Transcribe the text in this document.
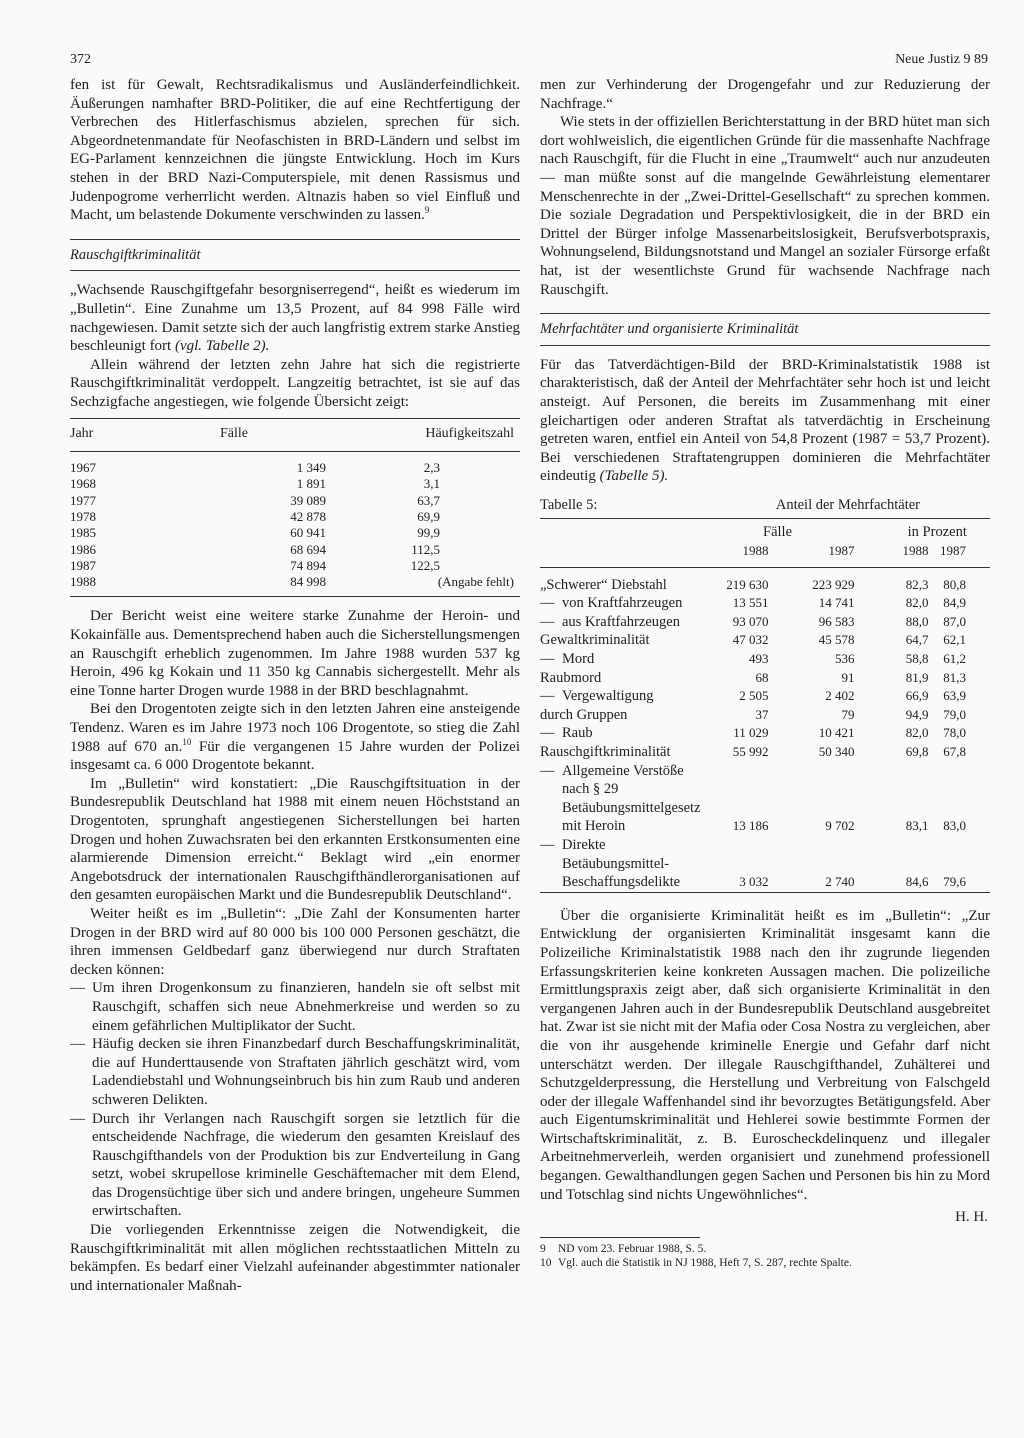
372	Neue Justiz 9 89

fen ist für Gewalt, Rechtsradikalismus und Ausländerfeindlichkeit. Äußerungen namhafter BRD-Politiker, die auf eine Rechtfertigung der Verbrechen des Hitlerfaschismus abzielen, sprechen für sich. Abgeordnetenmandate für Neofaschisten in BRD-Ländern und selbst im EG-Parlament kennzeichnen die jüngste Entwicklung. Hoch im Kurs stehen in der BRD Nazi-Computerspiele, mit denen Rassismus und Judenpogrome verherrlicht werden. Altnazis haben so viel Einfluß und Macht, um belastende Dokumente verschwinden zu lassen.$^9$

Rauschgiftkriminalität

„Wachsende Rauschgiftgefahr besorgniserregend“, heißt es wiederum im „Bulletin“. Eine Zunahme um 13,5 Prozent, auf 84 998 Fälle wird nachgewiesen. Damit setzte sich der auch langfristig extrem starke Anstieg beschleunigt fort (vgl. Tabelle 2).

Allein während der letzten zehn Jahre hat sich die registrierte Rauschgiftkriminalität verdoppelt. Langzeitig betrachtet, ist sie auf das Sechzigfache angestiegen, wie folgende Übersicht zeigt:

Jahr	Fälle	Häufigkeitszahl
1967	1 349	2,3
1968	1 891	3,1
1977	39 089	63,7
1978	42 878	69,9
1985	60 941	99,9
1986	68 694	112,5
1987	74 894	122,5
1988	84 998	(Angabe fehlt)

Der Bericht weist eine weitere starke Zunahme der Heroin- und Kokainfälle aus. Dementsprechend haben auch die Sicherstellungsmengen an Rauschgift erheblich zugenommen. Im Jahre 1988 wurden 537 kg Heroin, 496 kg Kokain und 11 350 kg Cannabis sichergestellt. Mehr als eine Tonne harter Drogen wurde 1988 in der BRD beschlagnahmt.

Bei den Drogentoten zeigte sich in den letzten Jahren eine ansteigende Tendenz. Waren es im Jahre 1973 noch 106 Drogentote, so stieg die Zahl 1988 auf 670 an.$^{10}$ Für die vergangenen 15 Jahre wurden der Polizei insgesamt ca. 6 000 Drogentote bekannt.

Im „Bulletin“ wird konstatiert: „Die Rauschgiftsituation in der Bundesrepublik Deutschland hat 1988 mit einem neuen Höchststand an Drogentoten, sprunghaft angestiegenen Sicherstellungen bei harten Drogen und hohen Zuwachsraten bei den erkannten Erstkonsumenten eine alarmierende Dimension erreicht.“ Beklagt wird „ein enormer Angebotsdruck der internationalen Rauschgifthändlerorganisationen auf den gesamten europäischen Markt und die Bundesrepublik Deutschland“.

Weiter heißt es im „Bulletin“: „Die Zahl der Konsumenten harter Drogen in der BRD wird auf 80 000 bis 100 000 Personen geschätzt, die ihren immensen Geldbedarf ganz überwiegend nur durch Straftaten decken können:

— Um ihren Drogenkonsum zu finanzieren, handeln sie oft selbst mit Rauschgift, schaffen sich neue Abnehmerkreise und werden so zu einem gefährlichen Multiplikator der Sucht.
— Häufig decken sie ihren Finanzbedarf durch Beschaffungskriminalität, die auf Hunderttausende von Straftaten jährlich geschätzt wird, vom Ladendiebstahl und Wohnungseinbruch bis hin zum Raub und anderen schweren Delikten.
— Durch ihr Verlangen nach Rauschgift sorgen sie letztlich für die entscheidende Nachfrage, die wiederum den gesamten Kreislauf des Rauschgifthandels von der Produktion bis zur Endverteilung in Gang setzt, wobei skrupellose kriminelle Geschäftemacher mit dem Elend, das Drogensüchtige über sich und andere bringen, ungeheure Summen erwirtschaften.

Die vorliegenden Erkenntnisse zeigen die Notwendigkeit, die Rauschgiftkriminalität mit allen möglichen rechtsstaatlichen Mitteln zu bekämpfen. Es bedarf einer Vielzahl aufeinander abgestimmter nationaler und internationaler Maßnah-

men zur Verhinderung der Drogengefahr und zur Reduzierung der Nachfrage.“

Wie stets in der offiziellen Berichterstattung in der BRD hütet man sich dort wohlweislich, die eigentlichen Gründe für die massenhafte Nachfrage nach Rauschgift, für die Flucht in eine „Traumwelt“ auch nur anzudeuten — man müßte sonst auf die mangelnde Gewährleistung elementarer Menschenrechte in der „Zwei-Drittel-Gesellschaft“ zu sprechen kommen. Die soziale Degradation und Perspektivlosigkeit, die in der BRD ein Drittel der Bürger infolge Massenarbeitslosigkeit, Berufsverbotspraxis, Wohnungselend, Bildungsnotstand und Mangel an sozialer Fürsorge erfaßt hat, ist der wesentlichste Grund für wachsende Nachfrage nach Rauschgift.

Mehrfachtäter und organisierte Kriminalität

Für das Tatverdächtigen-Bild der BRD-Kriminalstatistik 1988 ist charakteristisch, daß der Anteil der Mehrfachtäter sehr hoch ist und leicht ansteigt. Auf Personen, die bereits im Zusammenhang mit einer gleichartigen oder anderen Straftat als tatverdächtig in Erscheinung getreten waren, entfiel ein Anteil von 54,8 Prozent (1987 = 53,7 Prozent). Bei verschiedenen Straftatengruppen dominieren die Mehrfachtäter eindeutig (Tabelle 5).

Tabelle 5:	Anteil der Mehrfachtäter
	Fälle		in Prozent	
	1988	1987	1988	1987
„Schwerer“ Diebstahl	219 630	223 929	82,3	80,8

— von Kraftfahrzeugen	13 551	14 741	82,0	84,9

— aus Kraftfahrzeugen	93 070	96 583	88,0	87,0
Gewaltkriminalität	47 032	45 578	64,7	62,1

— Mord	493	536	58,8	61,2
Raubmord	68	91	81,9	81,3

— Vergewaltigung	2 505	2 402	66,9	63,9
durch Gruppen	37	79	94,9	79,0

— Raub	11 029	10 421	82,0	78,0
Rauschgiftkriminalität	55 992	50 340	69,8	67,8

— Allgemeine Verstöße nach § 29 Betäubungsmittelgesetz mit Heroin	13 186	9 702	83,1	83,0

— Direkte Betäubungsmittel-Beschaffungsdelikte	3 032	2 740	84,6	79,6

Über die organisierte Kriminalität heißt es im „Bulletin“: „Zur Entwicklung der organisierten Kriminalität insgesamt kann die Polizeiliche Kriminalstatistik 1988 nach den ihr zugrunde liegenden Erfassungskriterien keine konkreten Aussagen machen. Die polizeiliche Ermittlungspraxis zeigt aber, daß sich organisierte Kriminalität in den vergangenen Jahren auch in der Bundesrepublik Deutschland ausgebreitet hat. Zwar ist sie nicht mit der Mafia oder Cosa Nostra zu vergleichen, aber die von ihr ausgehende kriminelle Energie und Gefahr darf nicht unterschätzt werden. Der illegale Rauschgifthandel, Zuhälterei und Schutzgelderpressung, die Herstellung und Verbreitung von Falschgeld oder der illegale Waffenhandel sind ihr bevorzugtes Betätigungsfeld. Aber auch Eigentumskriminalität und Hehlerei sowie bestimmte Formen der Wirtschaftskriminalität, z. B. Euroscheckdelinquenz und illegaler Arbeitnehmerverleih, werden organisiert und zunehmend professionell begangen. Gewalthandlungen gegen Sachen und Personen bis hin zu Mord und Totschlag sind nichts Ungewöhnliches“.

H. H.
9 ND vom 23. Februar 1988, S. 5.
10 Vgl. auch die Statistik in NJ 1988, Heft 7, S. 287, rechte Spalte.
